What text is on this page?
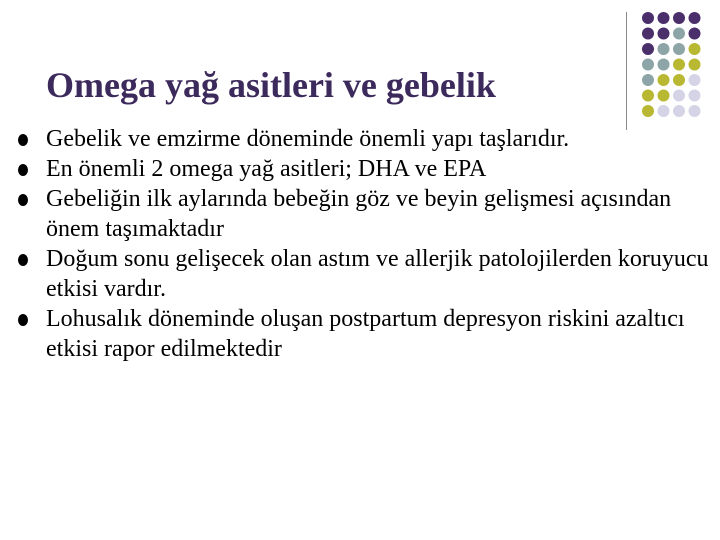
Omega yağ asitleri ve gebelik
Gebelik ve emzirme döneminde önemli yapı taşlarıdır.
En önemli 2 omega yağ asitleri; DHA ve EPA
Gebeliğin ilk aylarında bebeğin göz ve beyin gelişmesi açısından önem taşımaktadır
Doğum sonu gelişecek olan astım ve allerjik patolojilerden koruyucu etkisi vardır.
Lohusalık döneminde oluşan postpartum depresyon riskini azaltıcı etkisi rapor edilmektedir
